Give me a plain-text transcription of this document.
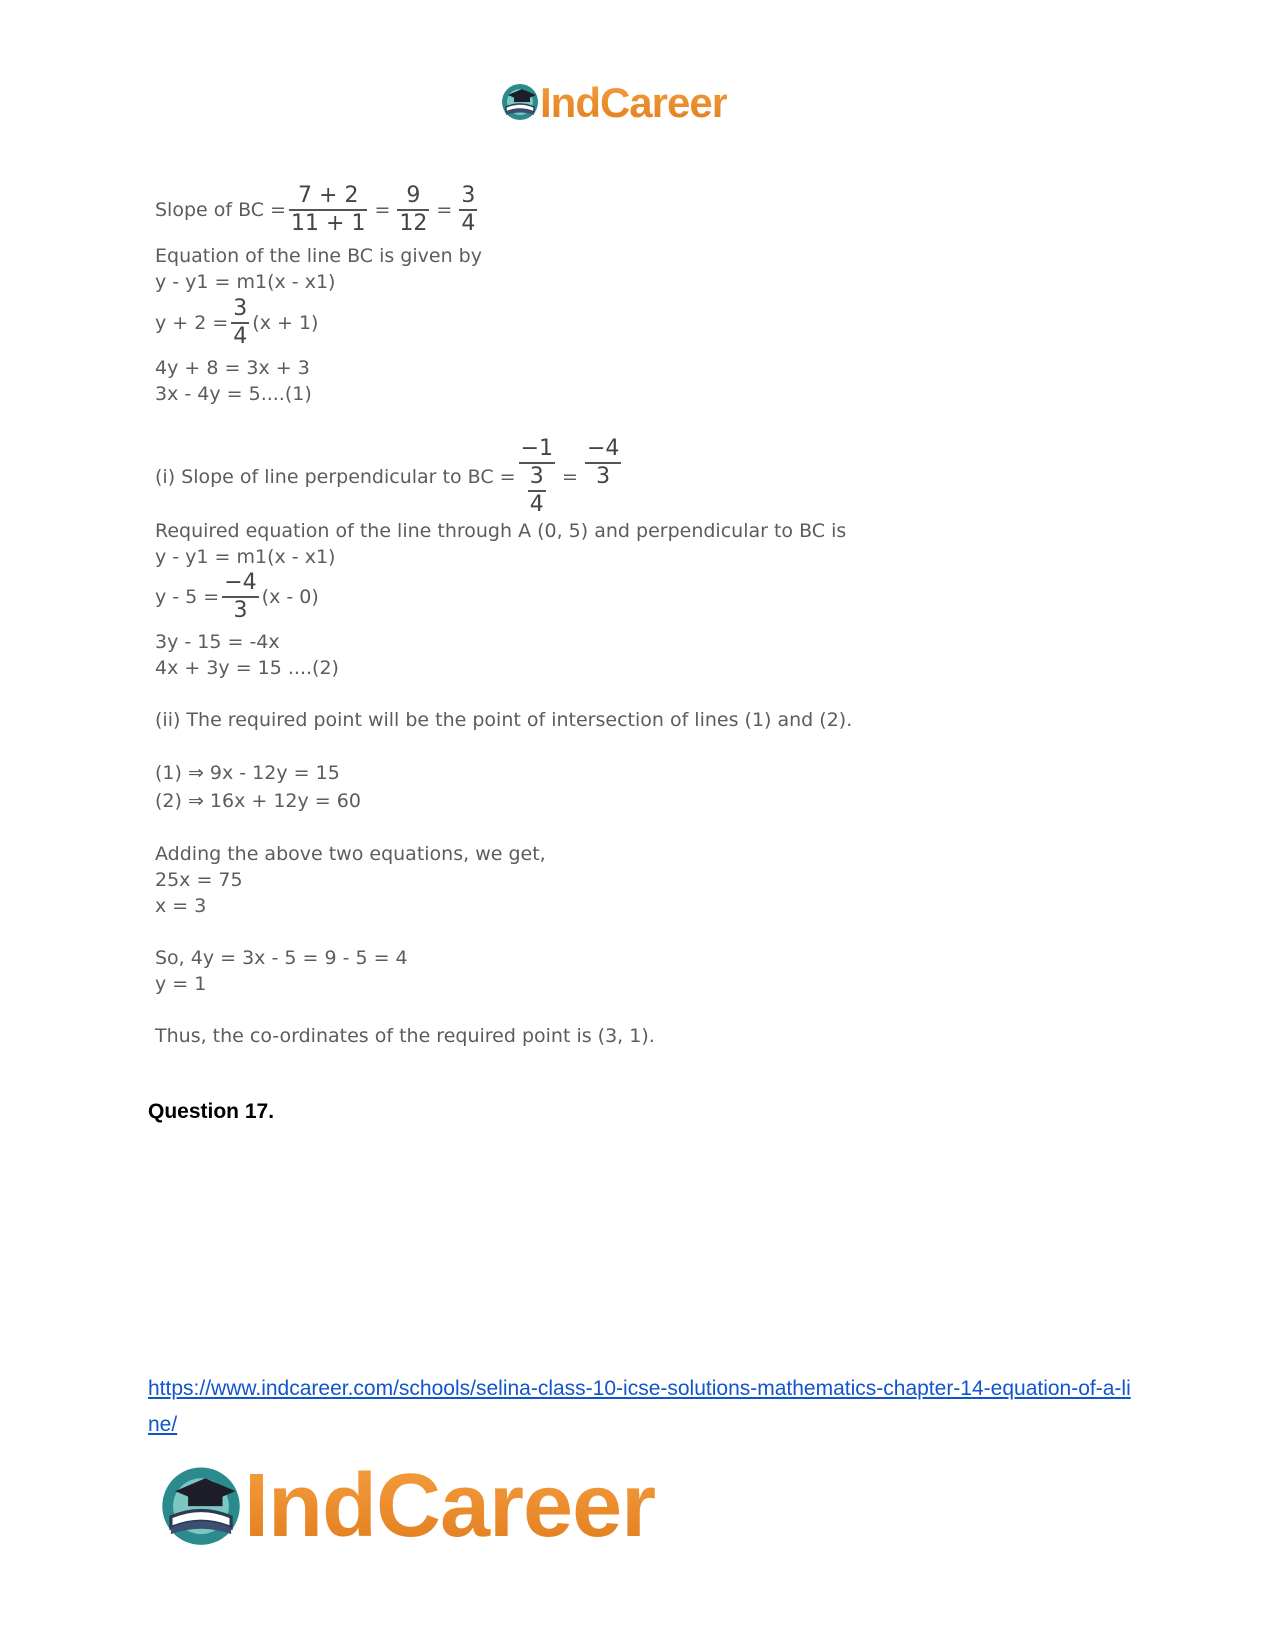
IndCareer
Slope of BC = $\frac{7 + 2}{11 + 1} = \frac{9}{12} = \frac{3}{4}$
Equation of the line BC is given by
y - y1 = m1(x - x1)
$y + 2 = \frac{3}{4} (x + 1)$
4y + 8 = 3x + 3
3x - 4y = 5....(1)
(i) Slope of line perpendicular to BC = $\frac{-1}{\frac{3}{4}} = \frac{-4}{3}$
Required equation of the line through A (0, 5) and perpendicular to BC is
y - y1 = m1(x - x1)
$y - 5 = \frac{-4}{3} (x - 0)$
3y - 15 = -4x
4x + 3y = 15 ....(2)
(ii) The required point will be the point of intersection of lines (1) and (2).
(1) ⇒ 9x - 12y = 15
(2) ⇒ 16x + 12y = 60
Adding the above two equations, we get,
25x = 75
x = 3
So, 4y = 3x - 5 = 9 - 5 = 4
y = 1
Thus, the co-ordinates of the required point is (3, 1).
Question 17.
https://www.indcareer.com/schools/selina-class-10-icse-solutions-mathematics-chapter-14-equation-of-a-line/
IndCareer
